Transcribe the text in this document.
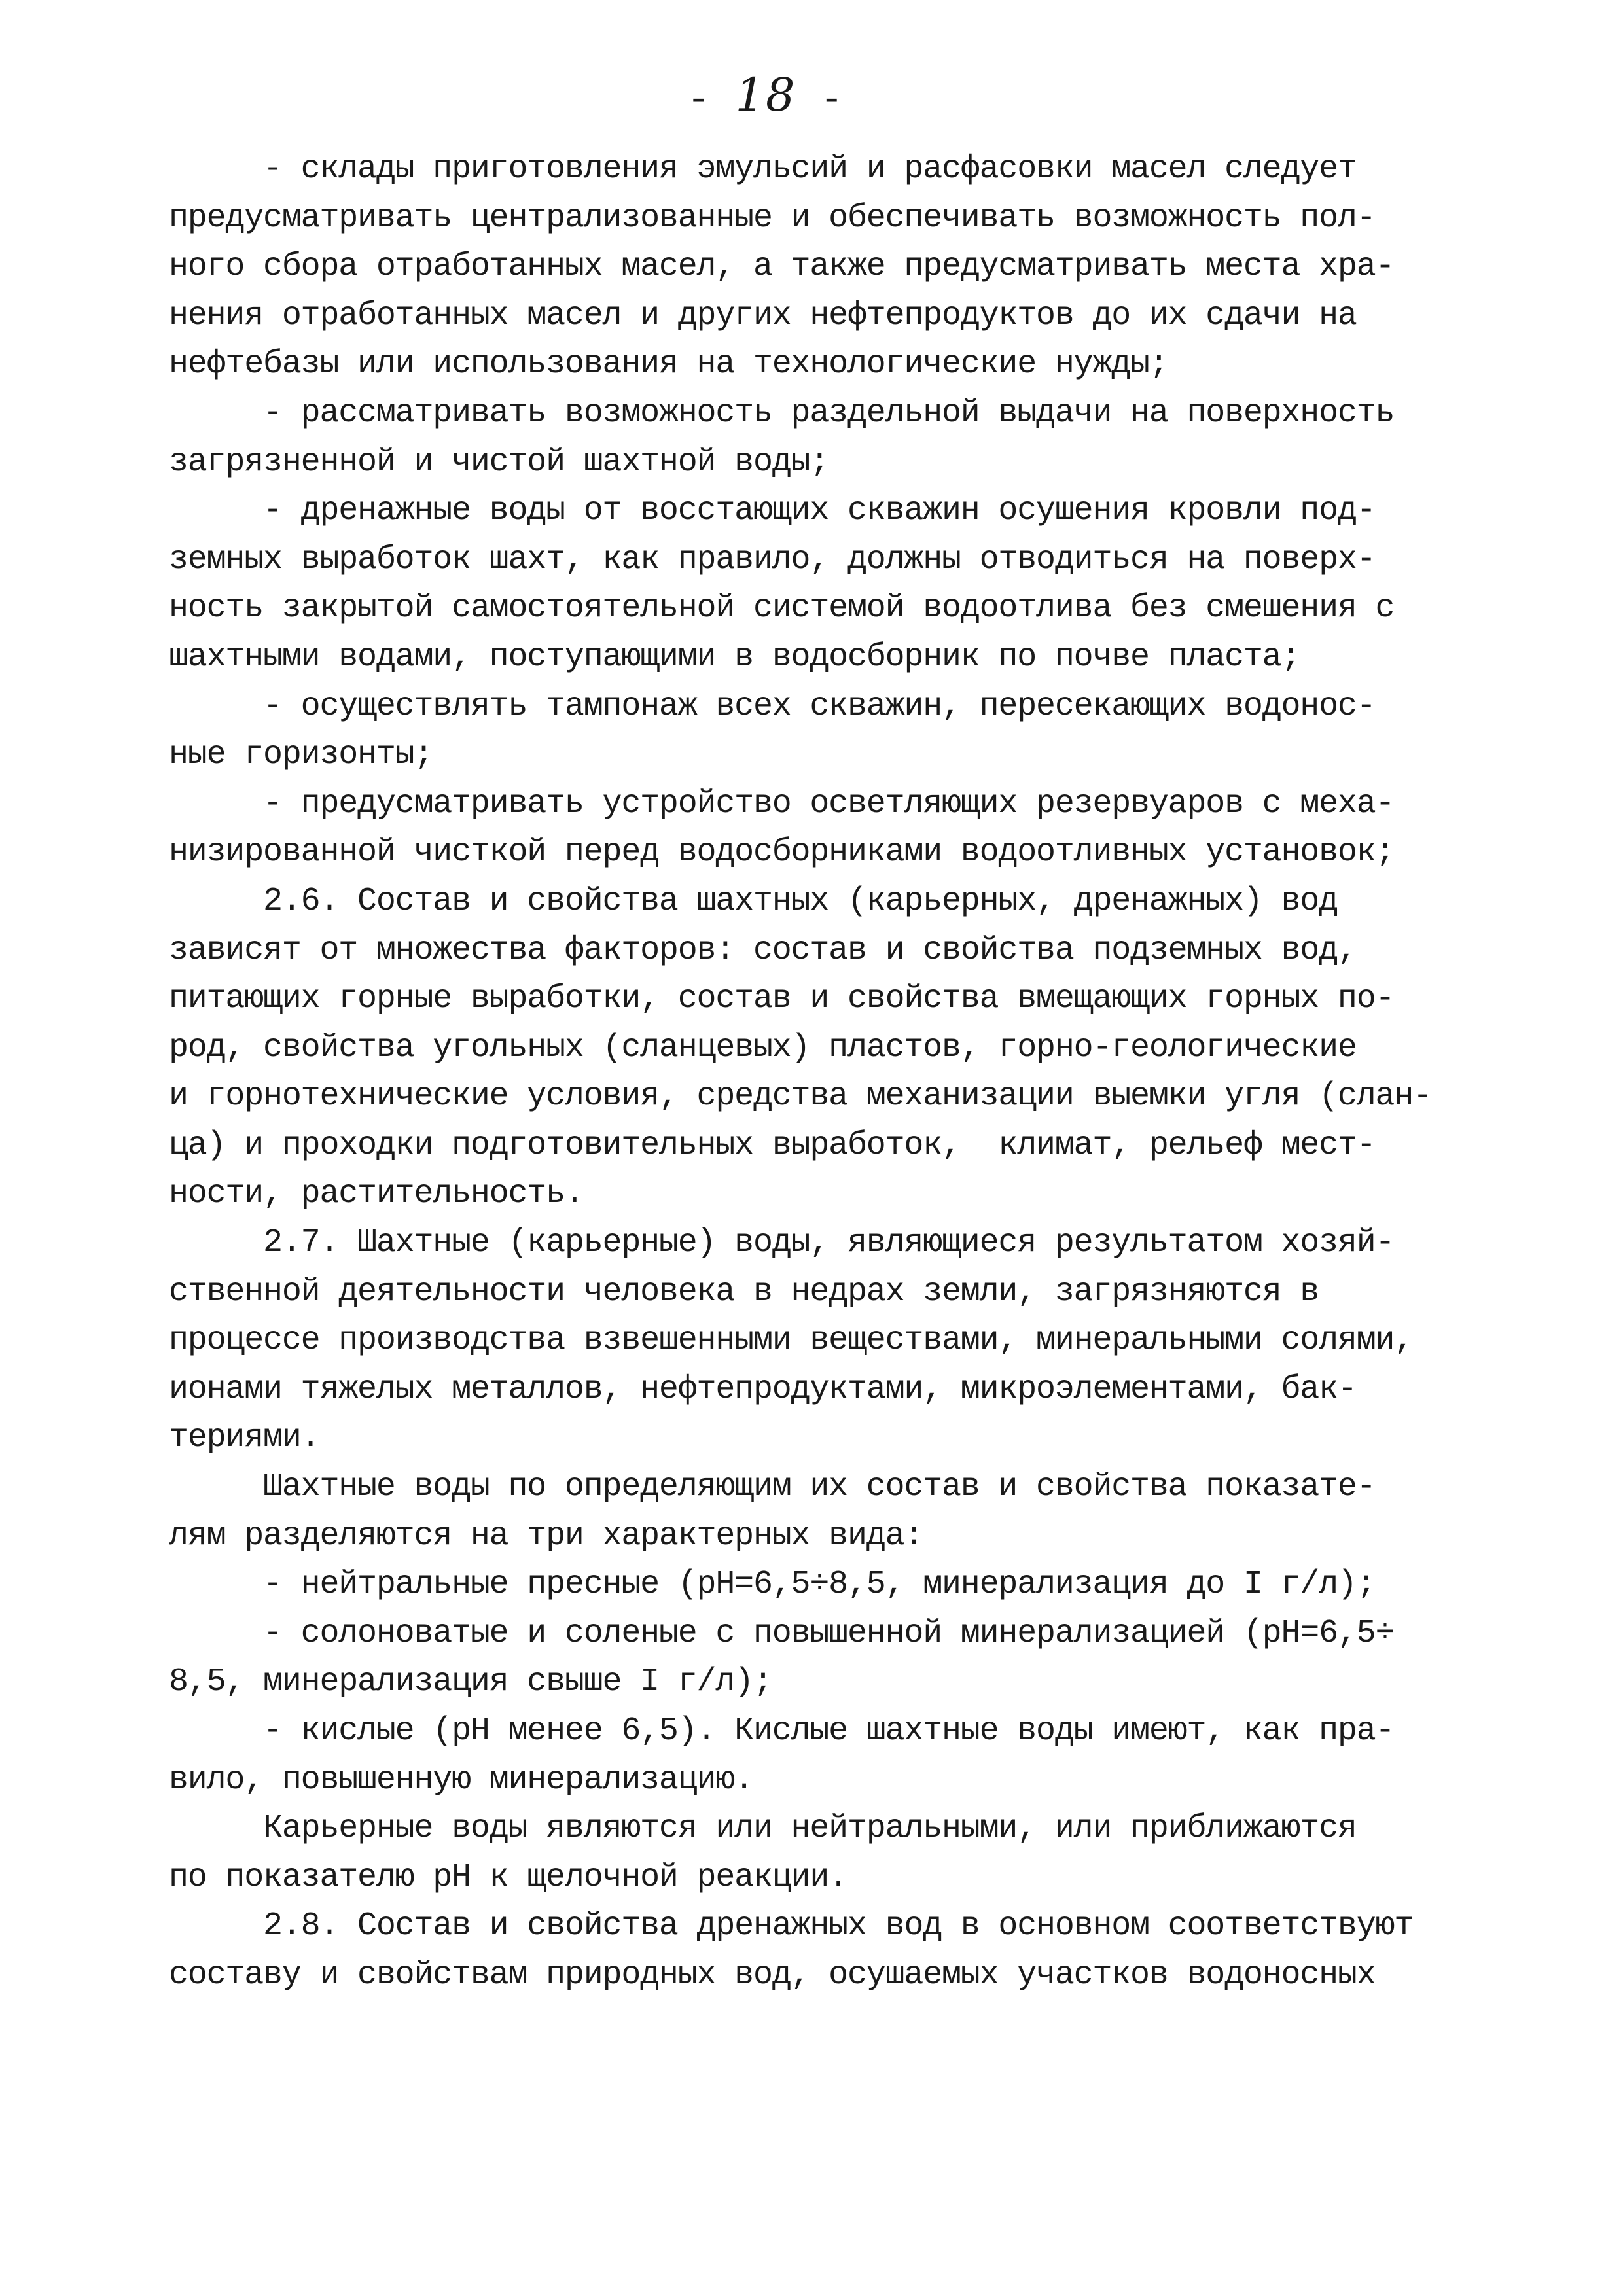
- 18 -
- склады приготовления эмульсий и расфасовки масел следует
предусматривать централизованные и обеспечивать возможность пол-
ного сбора отработанных масел, а также предусматривать места хра-
нения отработанных масел и других нефтепродуктов до их сдачи на
нефтебазы или использования на технологические нужды;
- рассматривать возможность раздельной выдачи на поверхность
загрязненной и чистой шахтной воды;
- дренажные воды от восстающих скважин осушения кровли под-
земных выработок шахт, как правило, должны отводиться на поверх-
ность закрытой самостоятельной системой водоотлива без смешения с
шахтными водами, поступающими в водосборник по почве пласта;
- осуществлять тампонаж всех скважин, пересекающих водонос-
ные горизонты;
- предусматривать устройство осветляющих резервуаров с меха-
низированной чисткой перед водосборниками водоотливных установок;
2.6. Состав и свойства шахтных (карьерных, дренажных) вод
зависят от множества факторов: состав и свойства подземных вод,
питающих горные выработки, состав и свойства вмещающих горных по-
род, свойства угольных (сланцевых) пластов, горно-геологические
и горнотехнические условия, средства механизации выемки угля (слан-
ца) и проходки подготовительных выработок,  климат, рельеф мест-
ности, растительность.
2.7. Шахтные (карьерные) воды, являющиеся результатом хозяй-
ственной деятельности человека в недрах земли, загрязняются в
процессе производства взвешенными веществами, минеральными солями,
ионами тяжелых металлов, нефтепродуктами, микроэлементами, бак-
териями.
Шахтные воды по определяющим их состав и свойства показате-
лям разделяются на три характерных вида:
- нейтральные пресные (рН=6,5÷8,5, минерализация до I г/л);
- солоноватые и соленые с повышенной минерализацией (рН=6,5÷
8,5, минерализация свыше I г/л);
- кислые (рН менее 6,5). Кислые шахтные воды имеют, как пра-
вило, повышенную минерализацию.
Карьерные воды являются или нейтральными, или приближаются
по показателю рН к щелочной реакции.
2.8. Состав и свойства дренажных вод в основном соответствуют
составу и свойствам природных вод, осушаемых участков водоносных
